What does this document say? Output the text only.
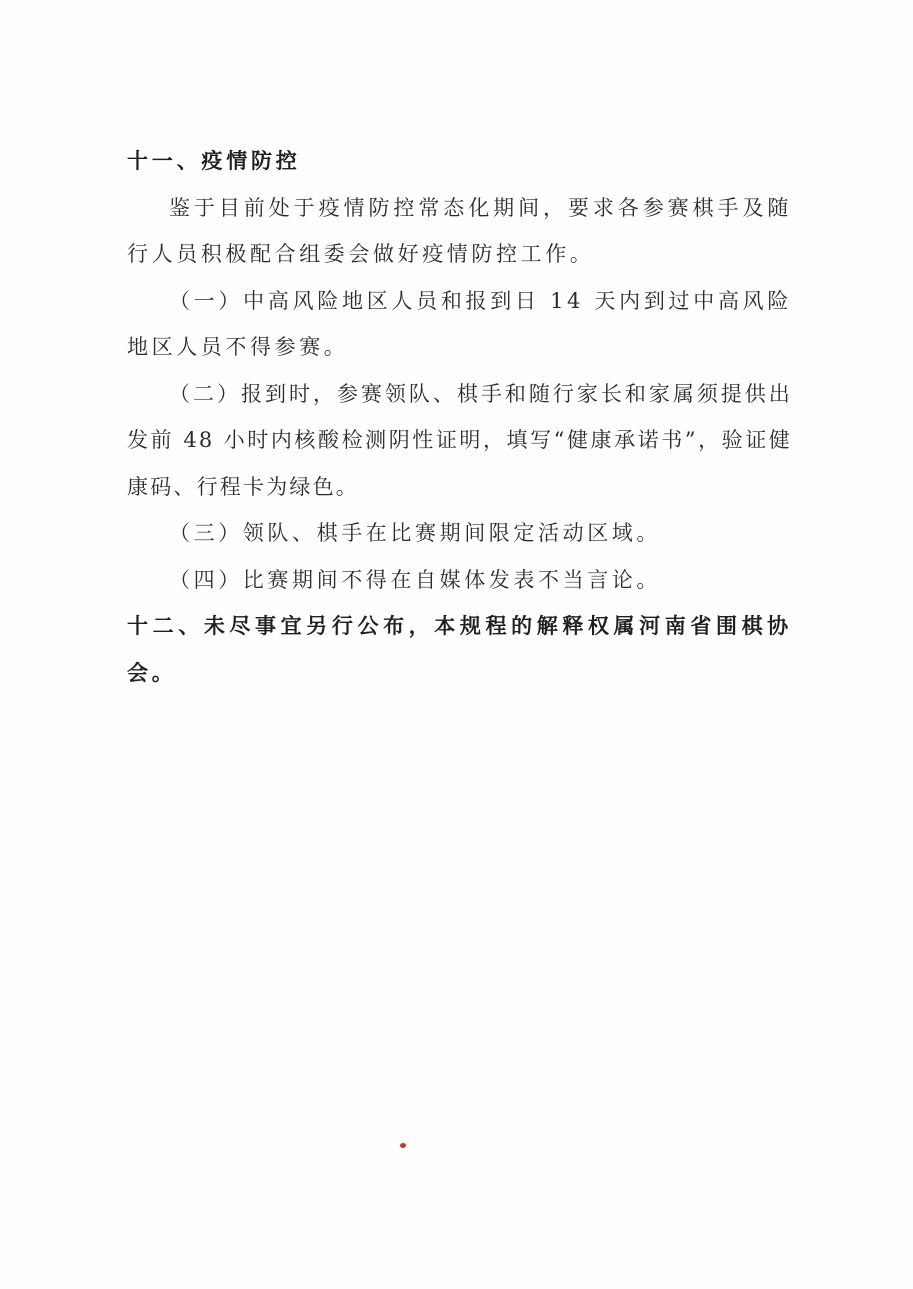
十一、疫情防控

鉴于目前处于疫情防控常态化期间，要求各参赛棋手及随行人员积极配合组委会做好疫情防控工作。

（一）中高风险地区人员和报到日 14 天内到过中高风险地区人员不得参赛。

（二）报到时，参赛领队、棋手和随行家长和家属须提供出发前 48 小时内核酸检测阴性证明，填写“健康承诺书”，验证健康码、行程卡为绿色。

（三）领队、棋手在比赛期间限定活动区域。

（四）比赛期间不得在自媒体发表不当言论。

十二、未尽事宜另行公布，本规程的解释权属河南省围棋协会。
